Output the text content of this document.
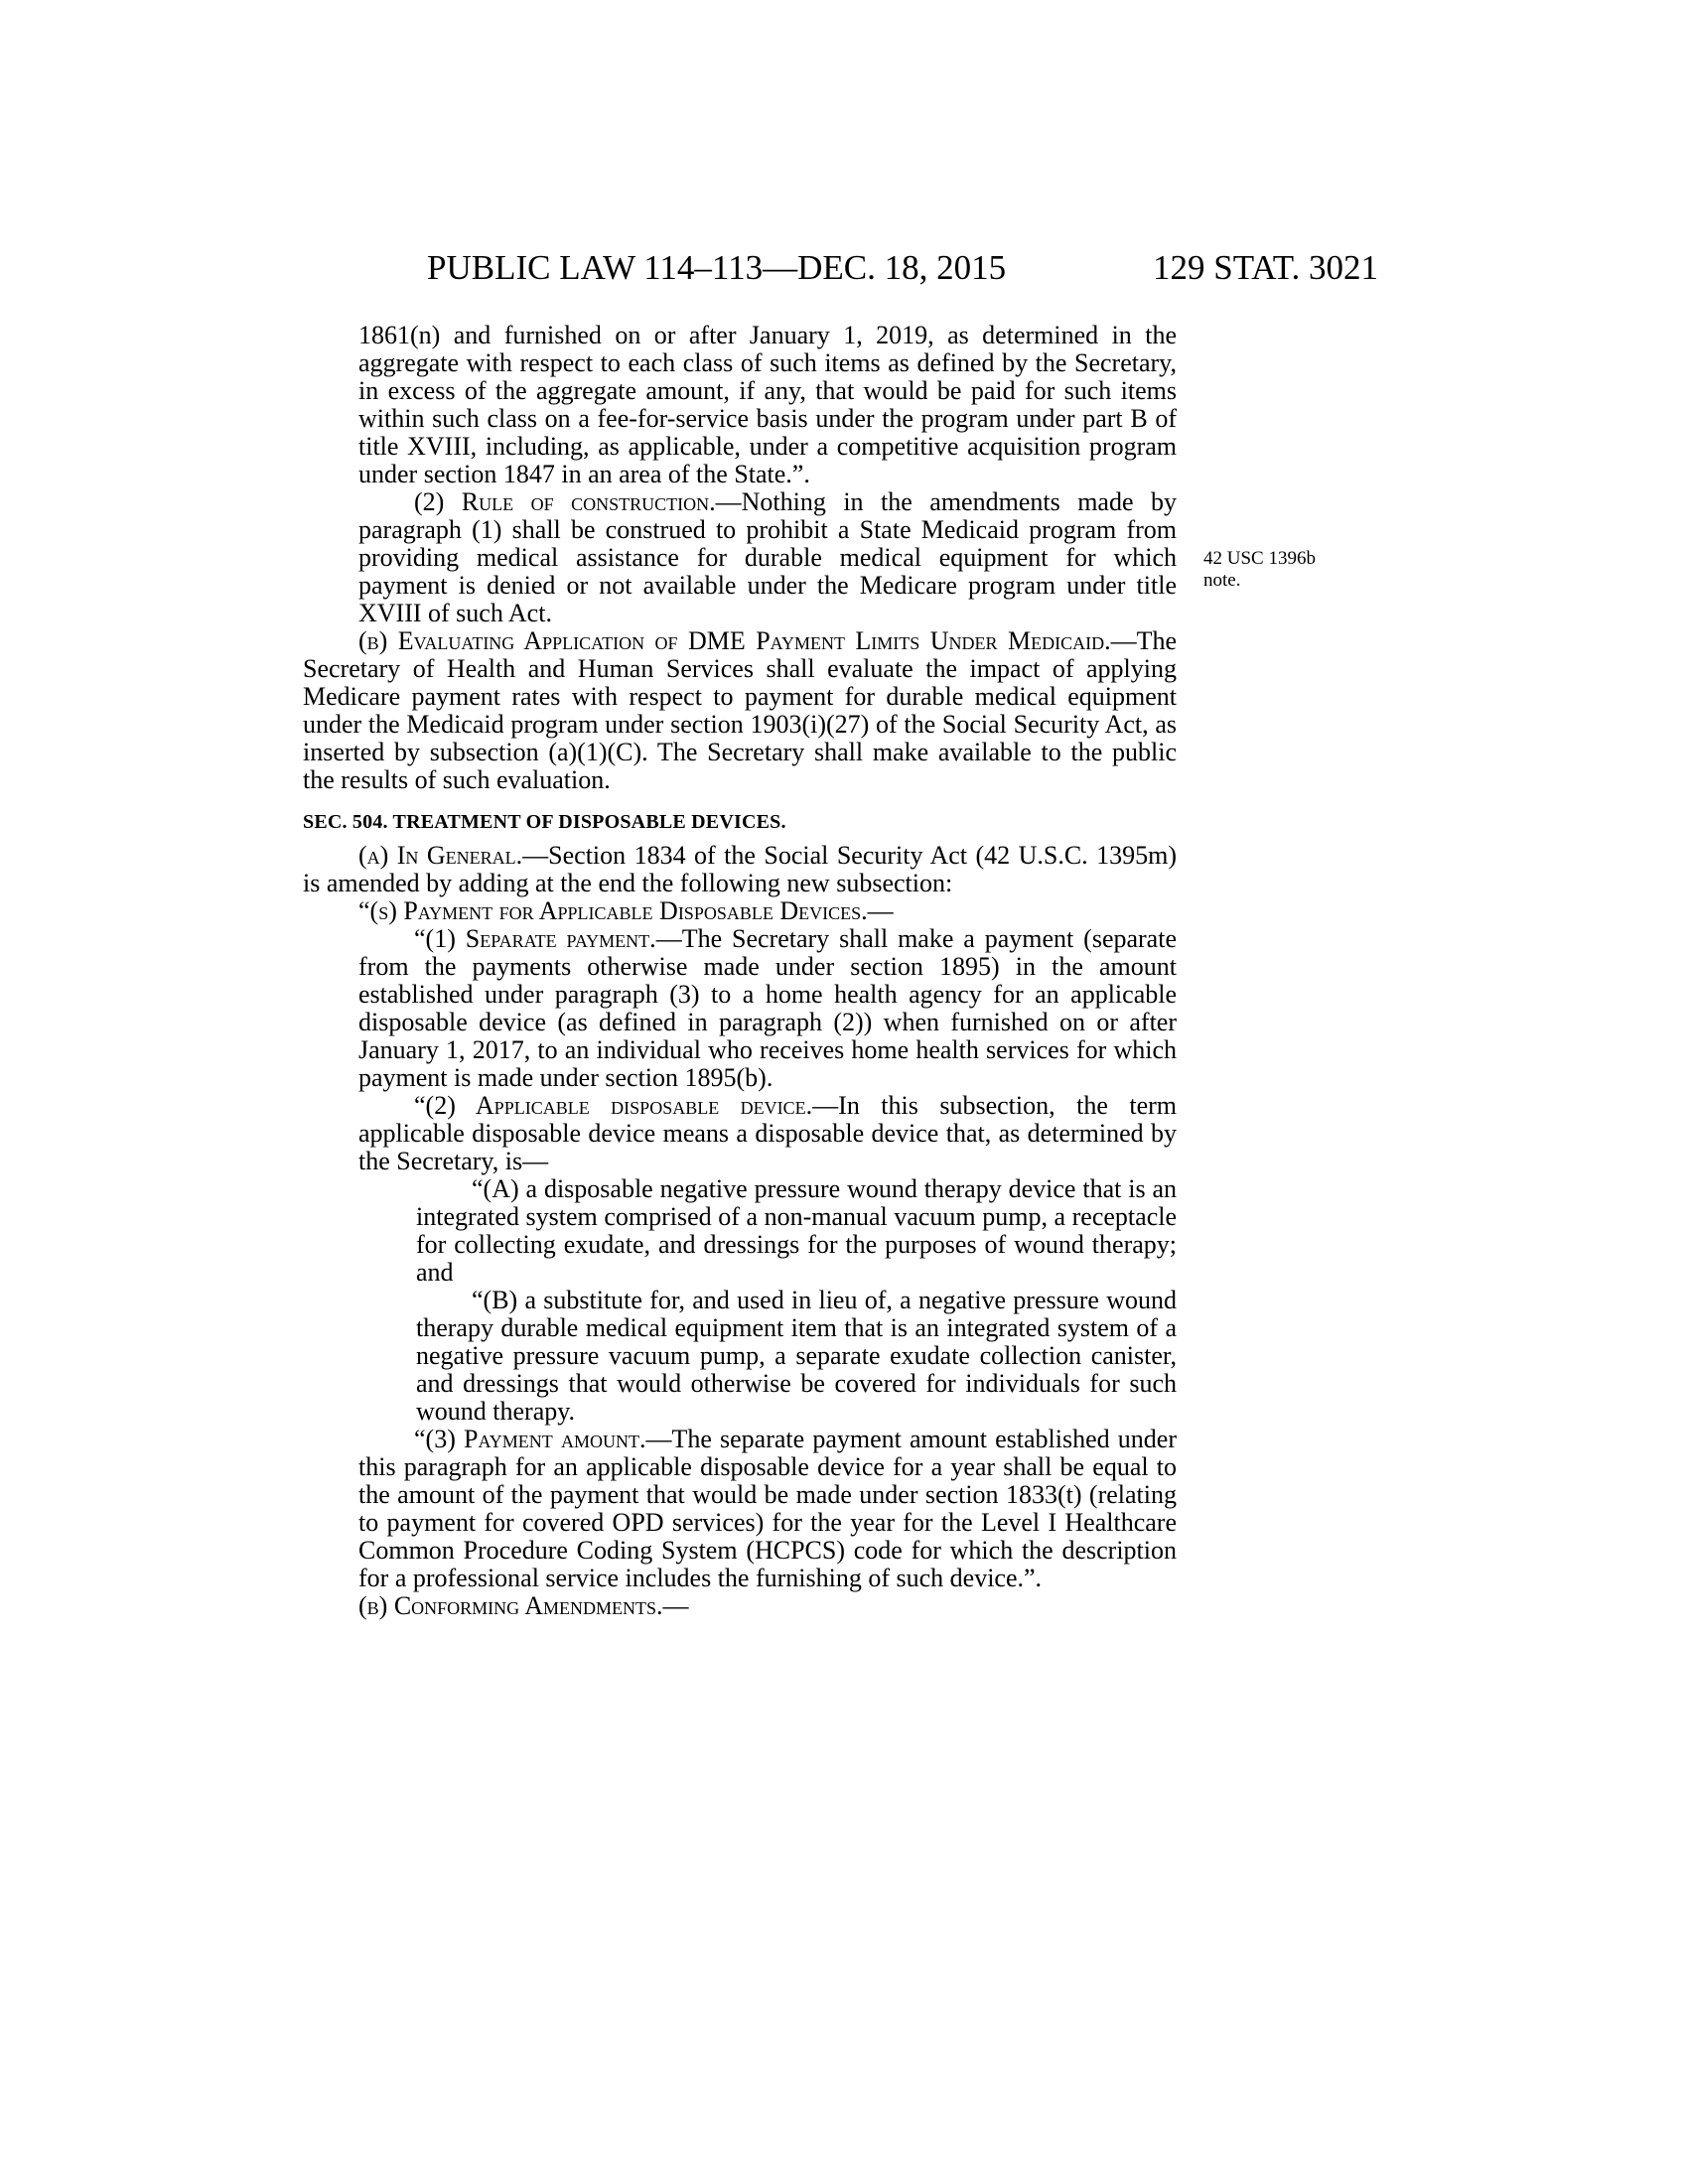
PUBLIC LAW 114–113—DEC. 18, 2015	129 STAT. 3021
42 USC 1396b
note.

1861(n) and furnished on or after January 1, 2019, as determined in the aggregate with respect to each class of such items as defined by the Secretary, in excess of the aggregate amount, if any, that would be paid for such items within such class on a fee-for-service basis under the program under part B of title XVIII, including, as applicable, under a competitive acquisition program under section 1847 in an area of the State.”.

(2) Rule of construction.—Nothing in the amendments made by paragraph (1) shall be construed to prohibit a State Medicaid program from providing medical assistance for durable medical equipment for which payment is denied or not available under the Medicare program under title XVIII of such Act.

(b) Evaluating Application of DME Payment Limits Under Medicaid.—The Secretary of Health and Human Services shall evaluate the impact of applying Medicare payment rates with respect to payment for durable medical equipment under the Medicaid program under section 1903(i)(27) of the Social Security Act, as inserted by subsection (a)(1)(C). The Secretary shall make available to the public the results of such evaluation.

SEC. 504. TREATMENT OF DISPOSABLE DEVICES.

(a) In General.—Section 1834 of the Social Security Act (42 U.S.C. 1395m) is amended by adding at the end the following new subsection:

“(s) Payment for Applicable Disposable Devices.—

“(1) Separate payment.—The Secretary shall make a payment (separate from the payments otherwise made under section 1895) in the amount established under paragraph (3) to a home health agency for an applicable disposable device (as defined in paragraph (2)) when furnished on or after January 1, 2017, to an individual who receives home health services for which payment is made under section 1895(b).

“(2) Applicable disposable device.—In this subsection, the term applicable disposable device means a disposable device that, as determined by the Secretary, is—

“(A) a disposable negative pressure wound therapy device that is an integrated system comprised of a non-manual vacuum pump, a receptacle for collecting exudate, and dressings for the purposes of wound therapy; and

“(B) a substitute for, and used in lieu of, a negative pressure wound therapy durable medical equipment item that is an integrated system of a negative pressure vacuum pump, a separate exudate collection canister, and dressings that would otherwise be covered for individuals for such wound therapy.

“(3) Payment amount.—The separate payment amount established under this paragraph for an applicable disposable device for a year shall be equal to the amount of the payment that would be made under section 1833(t) (relating to payment for covered OPD services) for the year for the Level I Healthcare Common Procedure Coding System (HCPCS) code for which the description for a professional service includes the furnishing of such device.”.

(b) Conforming Amendments.—
